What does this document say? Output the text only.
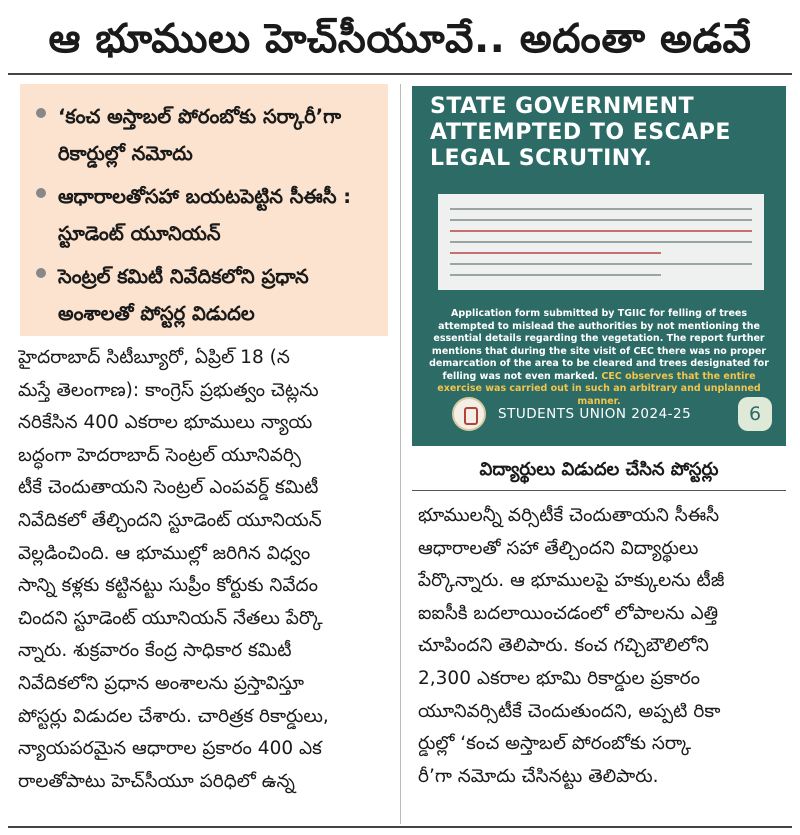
ఆ భూములు హెచ్‌సీయూవే.. అదంతా అడవే
‘కంచ అస్తాబల్‌ పోరంబోకు సర్కారీ’గా రికార్డుల్లో నమోదు
ఆధారాలతోసహా బయటపెట్టిన సీఈసీ : స్టూడెంట్‌ యూనియన్‌
సెంట్రల్‌ కమిటీ నివేదికలోని ప్రధాన అంశాలతో పోస్టర్ల విడుదల
STATE GOVERNMENT
ATTEMPTED TO ESCAPE
LEGAL SCRUTINY.
Application form submitted by TGIIC for felling of trees attempted to mislead the authorities by not mentioning the essential details regarding the vegetation. The report further mentions that during the site visit of CEC there was no proper demarcation of the area to be cleared and trees designated for felling was not even marked. CEC observes that the entire exercise was carried out in such an arbitrary and unplanned manner.
STUDENTS UNION 2024-25	6
విద్యార్థులు విడుదల చేసిన పోస్టర్లు
హైదరాబాద్‌ సిటీబ్యూరో, ఏప్రిల్‌ 18 (న
మస్తే తెలంగాణ): కాంగ్రెస్‌ ప్రభుత్వం చెట్లను
నరికేసిన 400 ఎకరాల భూములు న్యాయ
బద్ధంగా హెదరాబాద్‌ సెంట్రల్‌ యూనివర్సి
టీకే చెందుతాయని సెంట్రల్‌ ఎంపవర్డ్‌ కమిటీ
నివేదికలో తేల్చిందని స్టూడెంట్‌ యూనియన్‌
వెల్లడించింది. ఆ భూముల్లో జరిగిన విధ్వం
సాన్ని కళ్లకు కట్టినట్టు సుప్రీం కోర్టుకు నివేదం
చిందని స్టూడెంట్‌ యూనియన్‌ నేతలు పేర్కొ
న్నారు. శుక్రవారం కేంద్ర సాధికార కమిటీ
నివేదికలోని ప్రధాన అంశాలను ప్రస్తావిస్తూ
పోస్టర్లు విడుదల చేశారు. చారిత్రక రికార్డులు,
న్యాయపరమైన ఆధారాల ప్రకారం 400 ఎక
రాలతోపాటు హెచ్‌సీయూ పరిధిలో ఉన్న
భూములన్నీ వర్సిటీకే చెందుతాయని సీఈసీ
ఆధారాలతో సహా తేల్చిందని విద్యార్థులు
పేర్కొన్నారు. ఆ భూములపై హక్కులను టీజీ
ఐఐసీకి బదలాయించడంలో లోపాలను ఎత్తి
చూపిందని తెలిపారు. కంచ గచ్చిబౌలిలోని
2,300 ఎకరాల భూమి రికార్డుల ప్రకారం
యూనివర్సిటీకే చెందుతుందని, అప్పటి రికా
ర్డుల్లో ‘కంచ అస్తాబల్‌ పోరంబోకు సర్కా
రీ’గా నమోదు చేసినట్టు తెలిపారు.
